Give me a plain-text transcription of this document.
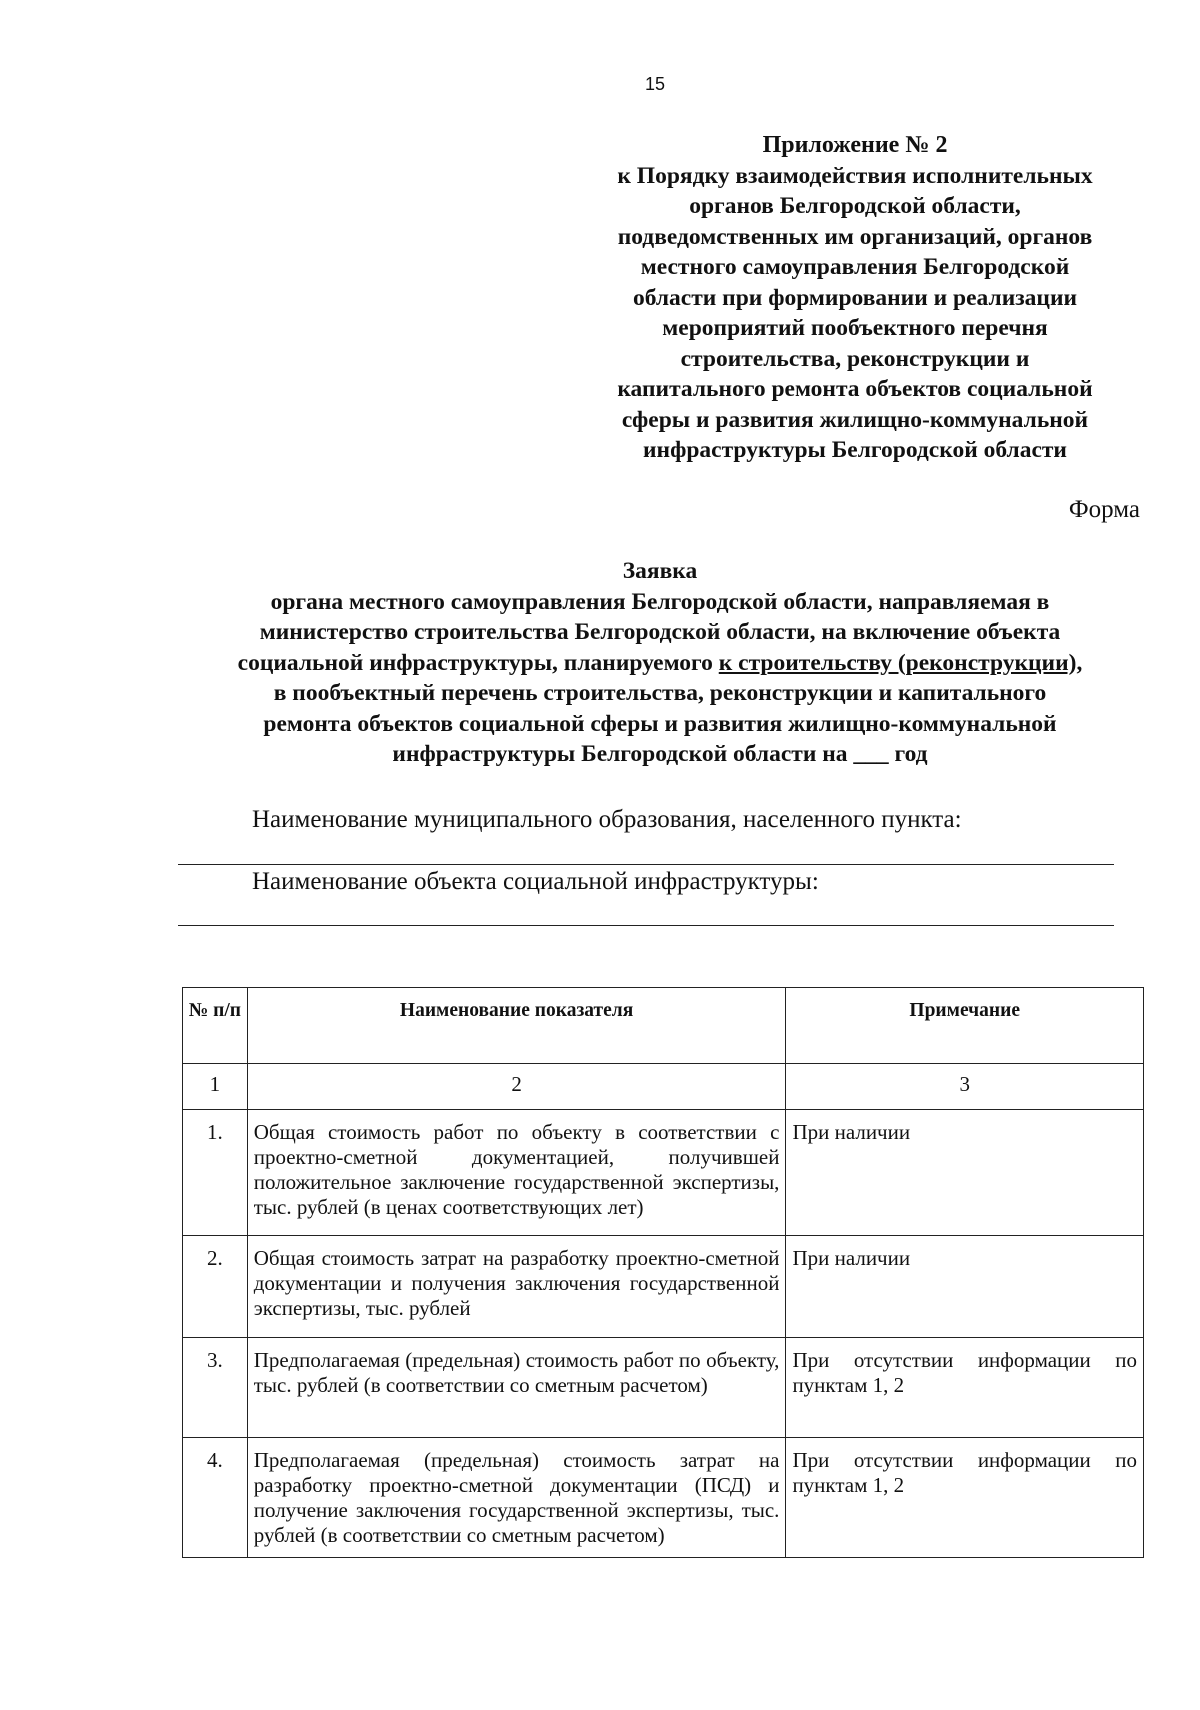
15
Приложение № 2
к Порядку взаимодействия исполнительных
органов Белгородской области,
подведомственных им организаций, органов
местного самоуправления Белгородской
области при формировании и реализации
мероприятий пообъектного перечня
строительства, реконструкции и
капитального ремонта объектов социальной
сферы и развития жилищно-коммунальной
инфраструктуры Белгородской области
Форма
Заявка
органа местного самоуправления Белгородской области, направляемая в
министерство строительства Белгородской области, на включение объекта
социальной инфраструктуры, планируемого к строительству (реконструкции),
в пообъектный перечень строительства, реконструкции и капитального
ремонта объектов социальной сферы и развития жилищно-коммунальной
инфраструктуры Белгородской области на ___ год
Наименование муниципального образования, населенного пункта:
Наименование объекта социальной инфраструктуры:
№ п/п	Наименование показателя	Примечание
1	2	3
1.	Общая стоимость работ по объекту в соответствии с проектно-сметной документацией, получившей положительное заключение государственной экспертизы, тыс. рублей (в ценах соответствующих лет)	При наличии
2.	Общая стоимость затрат на разработку проектно-сметной документации и получения заключения государственной экспертизы, тыс. рублей	При наличии
3.	Предполагаемая (предельная) стоимость работ по объекту, тыс. рублей (в соответствии со сметным расчетом)	При отсутствии информации по пунктам 1, 2
4.	Предполагаемая (предельная) стоимость затрат на разработку проектно-сметной документации (ПСД) и получение заключения государственной экспертизы, тыс. рублей (в соответствии со сметным расчетом)	При отсутствии информации по пунктам 1, 2
